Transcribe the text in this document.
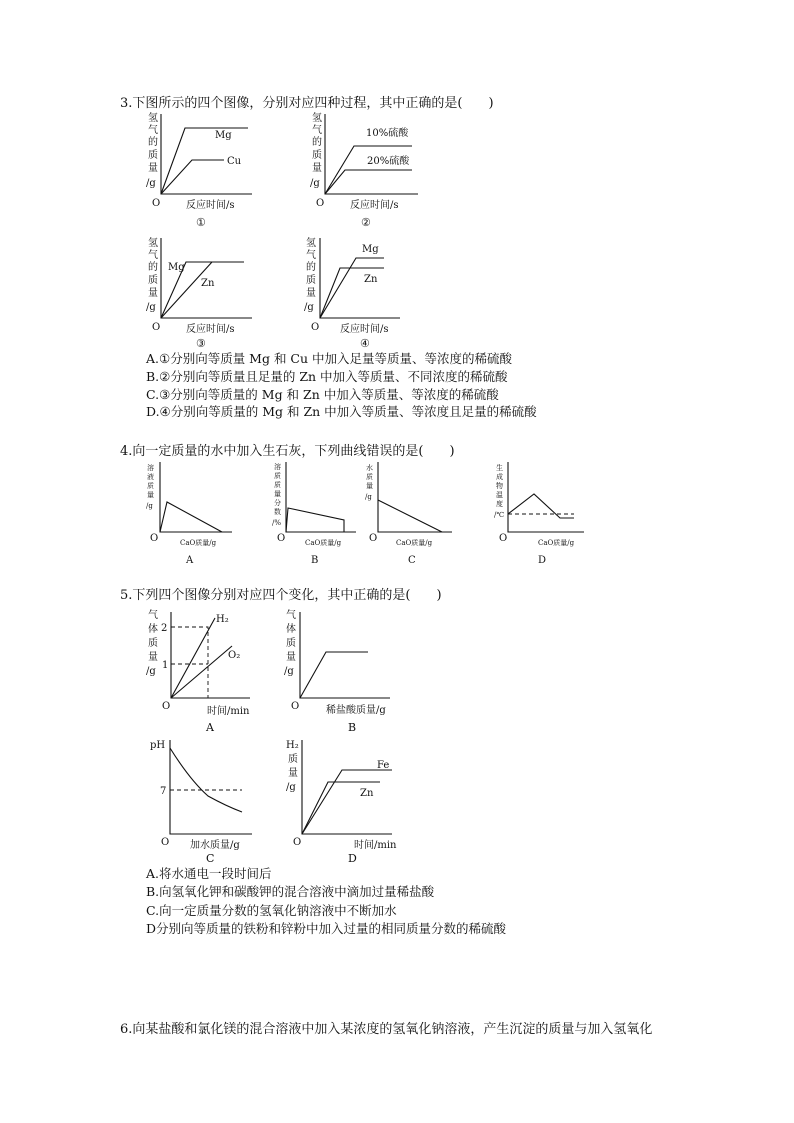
3.下图所示的四个图像，分别对应四种过程，其中正确的是(　　)
氢
气
的
质
量
/g
Mg
Cu
O	反应时间/s
①
氢
气
的
质
量
/g
10%硫酸
20%硫酸
O	反应时间/s
②
氢
气
的
质
量
/g
Mg
Zn
O	反应时间/s
③
氢
气
的
质
量
/g
Mg
Zn
O 反应时间/s
④
溶
液
质
量
/g
O	CaO质量/g
A
溶
质
质
量
分
数
/%
O	CaO质量/g
B
水
质
量
/g
O	CaO质量/g
C
生
成
物
温
度
/℃
O	CaO质量/g
D
气
体
质
量
/g
2
1
H₂
O₂
O	时间/min
A
气
体
质
量
/g
O	稀盐酸质量/g
B
pH
7
O 加水质量/g
C
H₂
质
量
/g
Fe
Zn
O	时间/min
D
A.①分别向等质量 Mg 和 Cu 中加入足量等质量、等浓度的稀硫酸
B.②分别向等质量且足量的 Zn 中加入等质量、不同浓度的稀硫酸
C.③分别向等质量的 Mg 和 Zn 中加入等质量、等浓度的稀硫酸
D.④分别向等质量的 Mg 和 Zn 中加入等质量、等浓度且足量的稀硫酸
4.向一定质量的水中加入生石灰，下列曲线错误的是(　　)
5.下列四个图像分别对应四个变化，其中正确的是(　　)
A.将水通电一段时间后
B.向氢氧化钾和碳酸钾的混合溶液中滴加过量稀盐酸
C.向一定质量分数的氢氧化钠溶液中不断加水
D分别向等质量的铁粉和锌粉中加入过量的相同质量分数的稀硫酸
6.向某盐酸和氯化镁的混合溶液中加入某浓度的氢氧化钠溶液，产生沉淀的质量与加入氢氧化
